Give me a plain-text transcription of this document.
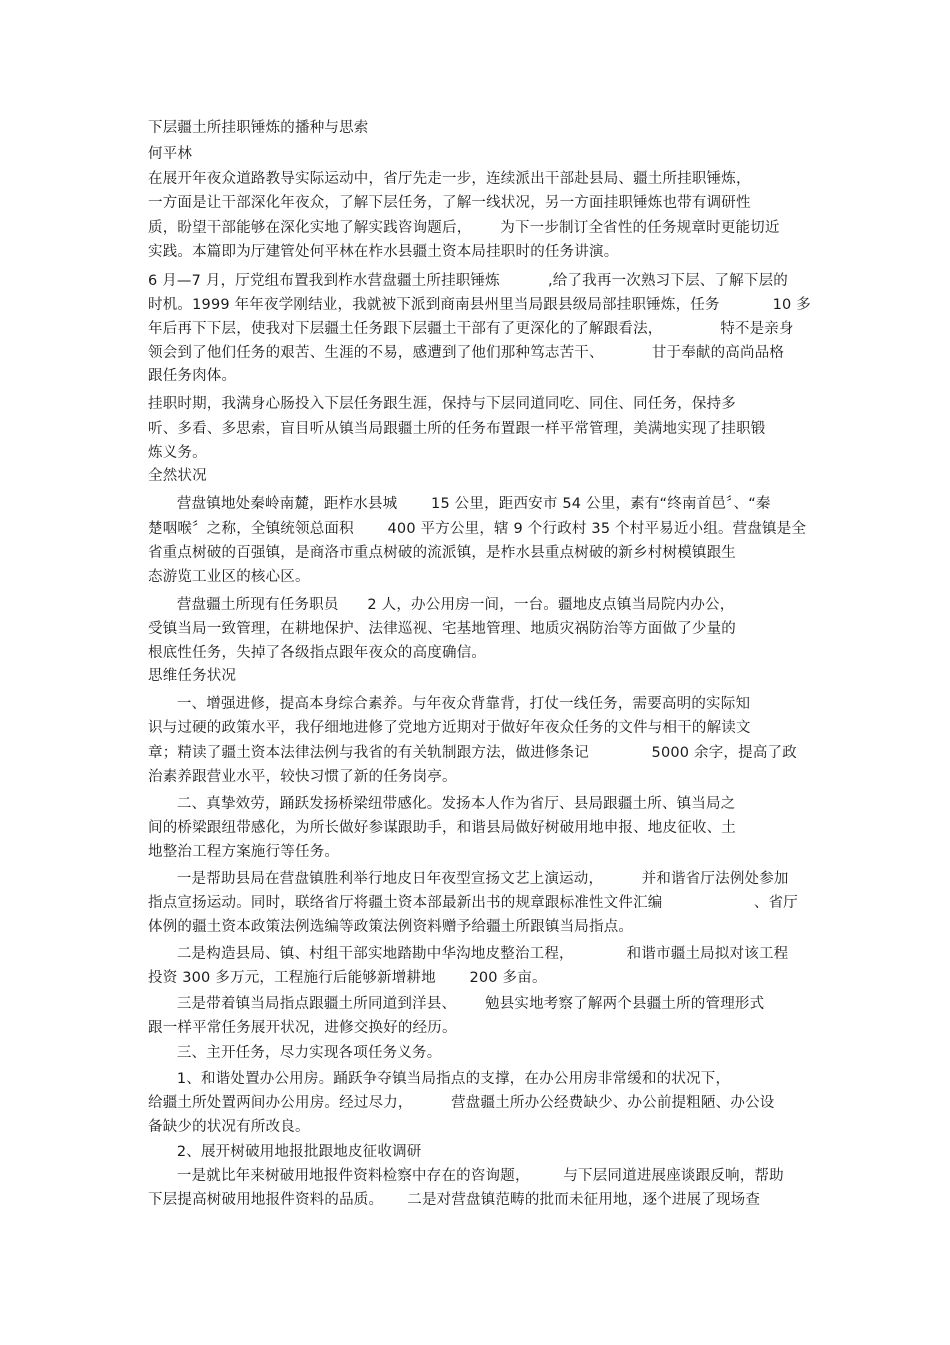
下层疆土所挂职锤炼的播种与思索
何平林
在展开年夜众道路教导实际运动中，省厅先走一步，连续派出干部赴县局、疆土所挂职锤炼，
一方面是让干部深化年夜众，了解下层任务，了解一线状况，另一方面挂职锤炼也带有调研性
质，盼望干部能够在深化实地了解实践咨询题后，      为下一步制订全省性的任务规章时更能切近
实践。本篇即为厅建管处何平林在柞水县疆土资本局挂职时的任务讲演。
6 月—7 月，厅党组布置我到柞水营盘疆土所挂职锤炼          ,给了我再一次熟习下层、了解下层的
时机。1999 年年夜学刚结业，我就被下派到商南县州里当局跟县级局部挂职锤炼，任务           10 多
年后再下下层，使我对下层疆土任务跟下层疆土干部有了更深化的了解跟看法，            特不是亲身
领会到了他们任务的艰苦、生涯的不易，感遭到了他们那种笃志苦干、          甘于奉献的高尚品格
跟任务肉体。
挂职时期，我满身心肠投入下层任务跟生涯，保持与下层同道同吃、同住、同任务，保持多
听、多看、多思索，盲目听从镇当局跟疆土所的任务布置跟一样平常管理，美满地实现了挂职锻
炼义务。
全然状况
营盘镇地处秦岭南麓，距柞水县城       15 公里，距西安市 54 公里，素有“终南首邑〞、“秦
楚咽喉〞之称，全镇统领总面积       400 平方公里，辖 9 个行政村 35 个村平易近小组。营盘镇是全
省重点树破的百强镇，是商洛市重点树破的流派镇，是柞水县重点树破的新乡村树模镇跟生
态游览工业区的核心区。
营盘疆土所现有任务职员      2 人，办公用房一间，一台。疆地皮点镇当局院内办公，
受镇当局一致管理，在耕地保护、法律巡视、宅基地管理、地质灾祸防治等方面做了少量的
根底性任务，失掉了各级指点跟年夜众的高度确信。
思维任务状况
一、增强进修，提高本身综合素养。与年夜众背靠背，打仗一线任务，需要高明的实际知
识与过硬的政策水平，我仔细地进修了党地方近期对于做好年夜众任务的文件与相干的解读文
章；精读了疆土资本法律法例与我省的有关轨制跟方法，做进修条记             5000 余字，提高了政
治素养跟营业水平，较快习惯了新的任务岗亭。
二、真挚效劳，踊跃发扬桥梁纽带感化。发扬本人作为省厅、县局跟疆土所、镇当局之
间的桥梁跟纽带感化，为所长做好参谋跟助手，和谐县局做好树破用地申报、地皮征收、土
地整治工程方案施行等任务。
一是帮助县局在营盘镇胜利举行地皮日年夜型宣扬文艺上演运动，        并和谐省厅法例处参加
指点宣扬运动。同时，联络省厅将疆土资本部最新出书的规章跟标准性文件汇编                   、省厅
体例的疆土资本政策法例选编等政策法例资料赠予给疆土所跟镇当局指点。
二是构造县局、镇、村组干部实地踏勘中华沟地皮整治工程，           和谐市疆土局拟对该工程
投资 300 多万元，工程施行后能够新增耕地       200 多亩。
三是带着镇当局指点跟疆土所同道到洋县、      勉县实地考察了解两个县疆土所的管理形式
跟一样平常任务展开状况，进修交换好的经历。
三、主开任务，尽力实现各项任务义务。
1、和谐处置办公用房。踊跃争夺镇当局指点的支撑，在办公用房非常缓和的状况下，
给疆土所处置两间办公用房。经过尽力，        营盘疆土所办公经费缺少、办公前提粗陋、办公设
备缺少的状况有所改良。
2、展开树破用地报批跟地皮征收调研
一是就比年来树破用地报件资料检察中存在的咨询题，       与下层同道进展座谈跟反响，帮助
下层提高树破用地报件资料的品质。     二是对营盘镇范畴的批而未征用地，逐个进展了现场查
